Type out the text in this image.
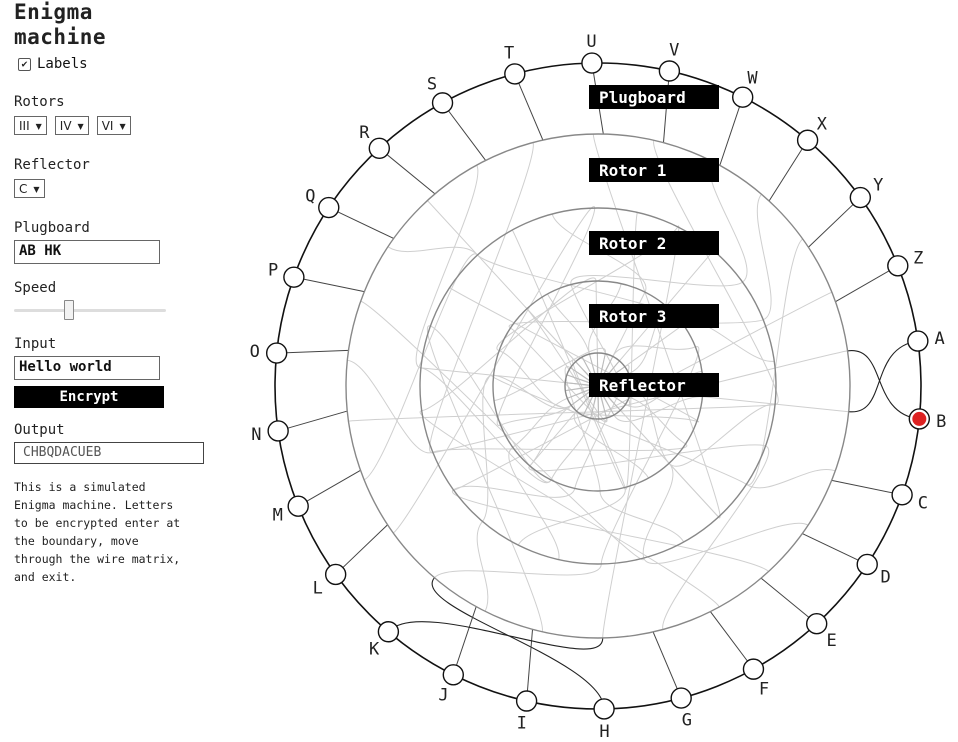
Enigma
machine
✔ Labels
Rotors
III ▼ IV ▼ VI ▼
Reflector
C ▼
Plugboard
AB HK
Speed
Input
Hello world
Encrypt
Output
CHBQDACUEB
This is a simulated
Enigma machine. Letters
to be encrypted enter at
the boundary, move
through the wire matrix,
and exit.
Plugboard
Rotor 1
Rotor 2
Rotor 3
Reflector
A
B
C
D
E
F
G
H
I
J
K
L
M
N
O
P
Q
R
S
T
U	V
W
X
Y
Z
